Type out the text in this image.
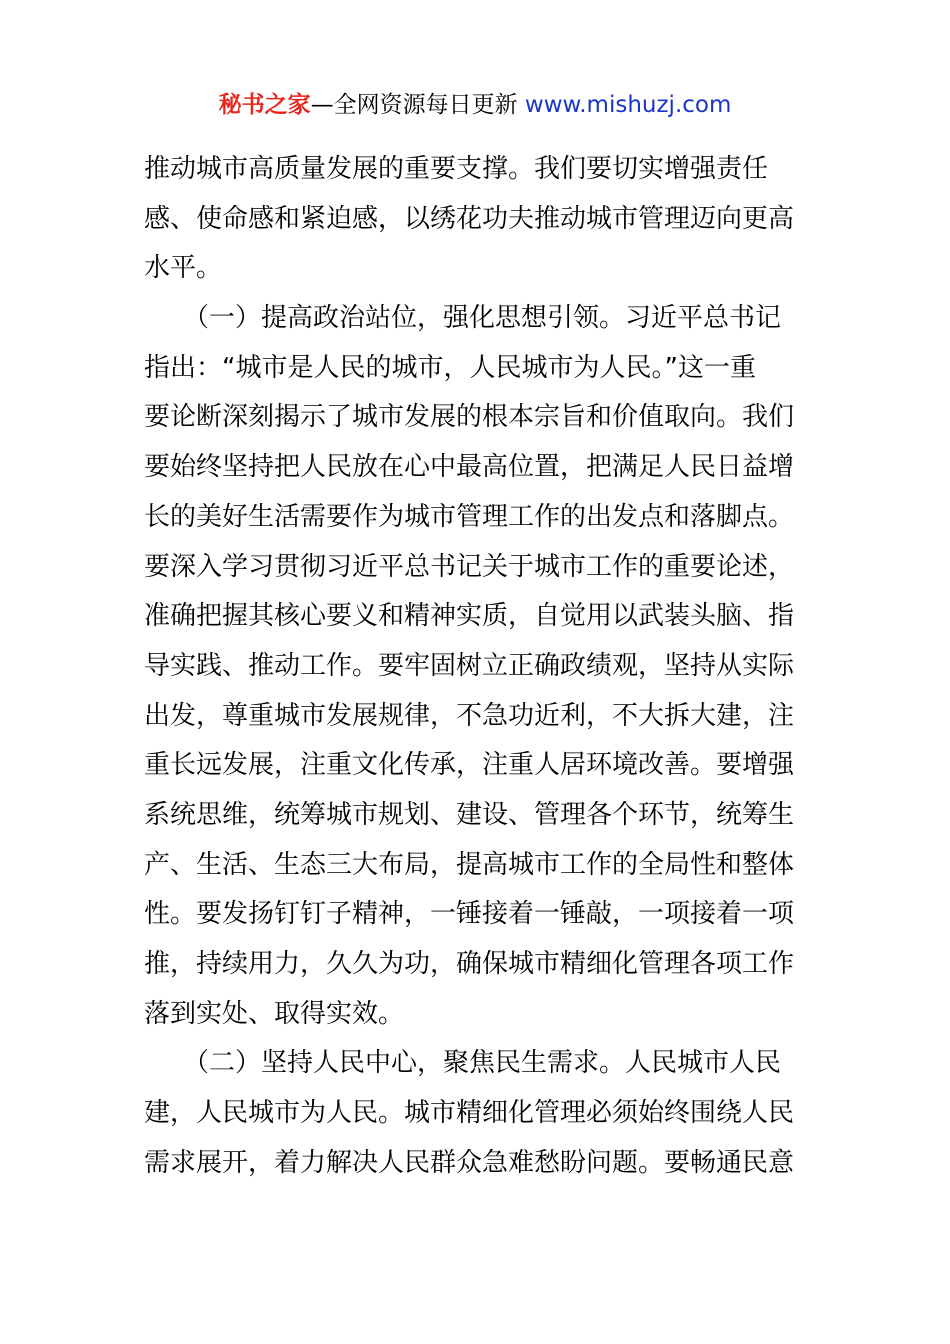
秘书之家—全网资源每日更新 www.mishuzj.com
推动城市高质量发展的重要支撑。我们要切实增强责任
感、使命感和紧迫感，以绣花功夫推动城市管理迈向更高
水平。
　　（一）提高政治站位，强化思想引领。习近平总书记
指出：“城市是人民的城市，人民城市为人民。”这一重
要论断深刻揭示了城市发展的根本宗旨和价值取向。我们
要始终坚持把人民放在心中最高位置，把满足人民日益增
长的美好生活需要作为城市管理工作的出发点和落脚点。
要深入学习贯彻习近平总书记关于城市工作的重要论述，
准确把握其核心要义和精神实质，自觉用以武装头脑、指
导实践、推动工作。要牢固树立正确政绩观，坚持从实际
出发，尊重城市发展规律，不急功近利，不大拆大建，注
重长远发展，注重文化传承，注重人居环境改善。要增强
系统思维，统筹城市规划、建设、管理各个环节，统筹生
产、生活、生态三大布局，提高城市工作的全局性和整体
性。要发扬钉钉子精神，一锤接着一锤敲，一项接着一项
推，持续用力，久久为功，确保城市精细化管理各项工作
落到实处、取得实效。
　　（二）坚持人民中心，聚焦民生需求。人民城市人民
建，人民城市为人民。城市精细化管理必须始终围绕人民
需求展开，着力解决人民群众急难愁盼问题。要畅通民意
